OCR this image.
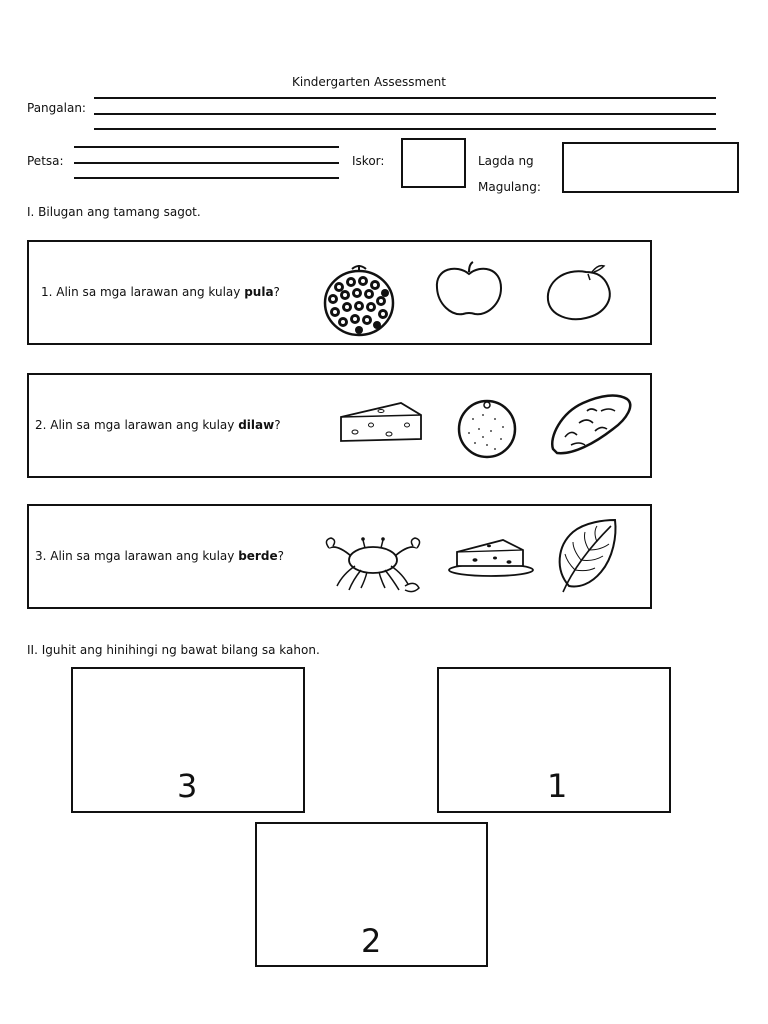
Kindergarten Assessment
Pangalan:
Petsa:	Iskor:	Lagda ng
Magulang:
I. Bilugan ang tamang sagot.
1. Alin sa mga larawan ang kulay pula?
2. Alin sa mga larawan ang kulay dilaw?
3. Alin sa mga larawan ang kulay berde?
II. Iguhit ang hinihingi ng bawat bilang sa kahon.
3	1
2
